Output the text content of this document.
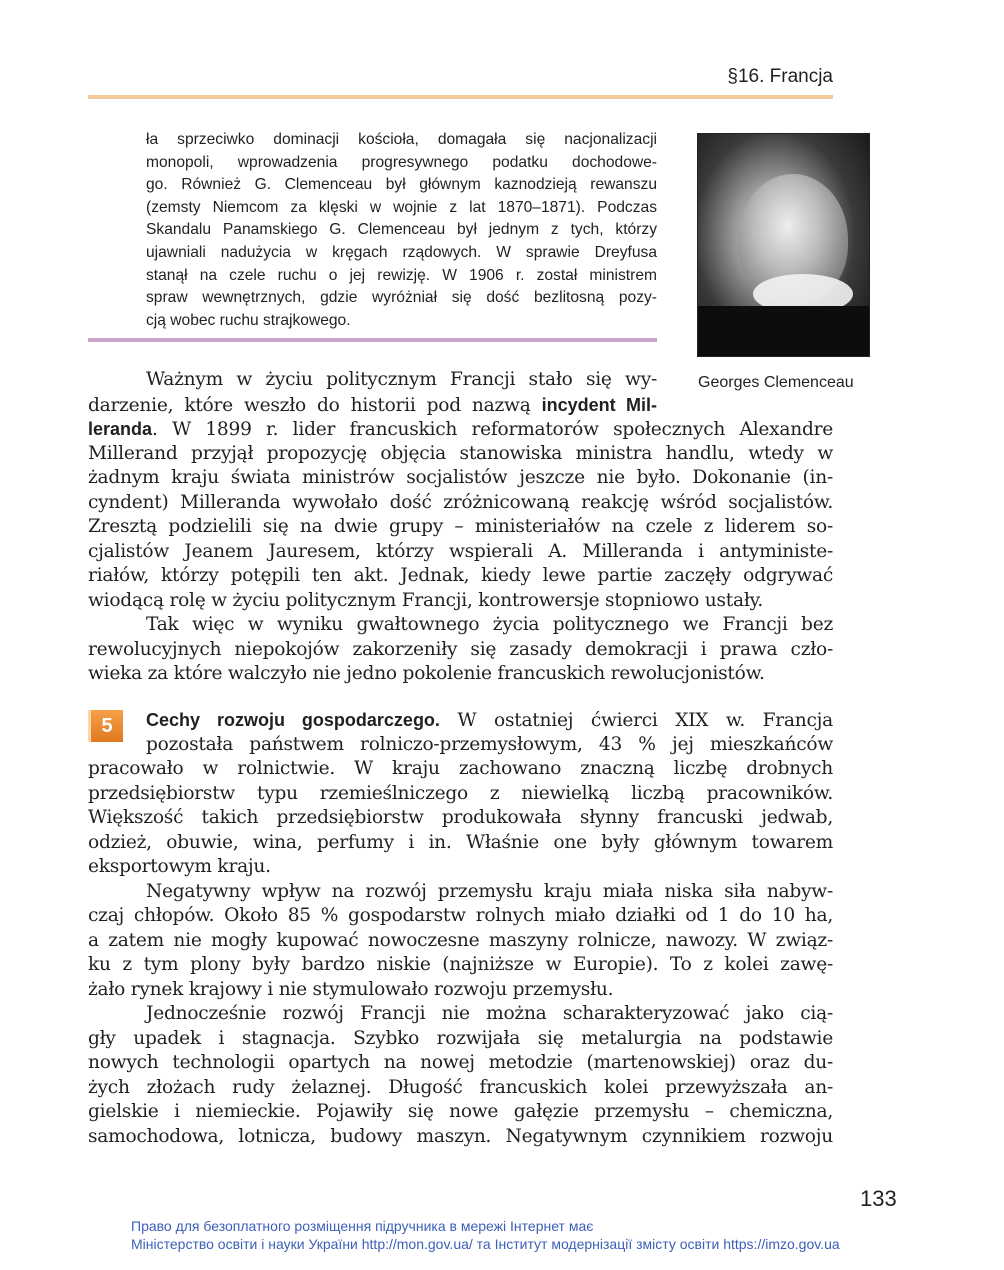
§16. Francja
ła sprzeciwko dominacji kościoła, domagała się nacjonalizacji
monopoli, wprowadzenia progresywnego podatku dochodowe-
go. Również G. Clemenceau był głównym kaznodzieją rewanszu
(zemsty Niemcom za klęski w wojnie z lat 1870–1871). Podczas
Skandalu Panamskiego G. Clemenceau był jednym z tych, którzy
ujawniali nadużycia w kręgach rządowych. W sprawie Dreyfusa
stanął na czele ruchu o jej rewizję. W 1906 r. został ministrem
spraw wewnętrznych, gdzie wyróżniał się dość bezlitosną pozy-
cją wobec ruchu strajkowego.
Georges Clemenceau
5
Ważnym w życiu politycznym Francji stało się wy-
darzenie, które weszło do historii pod nazwą incydent Mil-
leranda. W 1899 r. lider francuskich reformatorów społecznych Alexandre
Millerand przyjął propozycję objęcia stanowiska ministra handlu, wtedy w
żadnym kraju świata ministrów socjalistów jeszcze nie było. Dokonanie (in-
cyndent) Milleranda wywołało dość zróżnicowaną reakcję wśród socjalistów.
Zresztą podzielili się na dwie grupy – ministeriałów na czele z liderem so-
cjalistów Jeanem Jauresem, którzy wspierali A. Milleranda i antyministe-
riałów, którzy potępili ten akt. Jednak, kiedy lewe partie zaczęły odgrywać
wiodącą rolę w życiu politycznym Francji, kontrowersje stopniowo ustały.
Tak więc w wyniku gwałtownego życia politycznego we Francji bez
rewolucyjnych niepokojów zakorzeniły się zasady demokracji i prawa czło-
wieka za które walczyło nie jedno pokolenie francuskich rewolucjonistów.
Cechy rozwoju gospodarczego. W ostatniej ćwierci XIX w. Francja
pozostała państwem rolniczo-przemysłowym, 43 % jej mieszkańców
pracowało w rolnictwie. W kraju zachowano znaczną liczbę drobnych
przedsiębiorstw typu rzemieślniczego z niewielką liczbą pracowników.
Większość takich przedsiębiorstw produkowała słynny francuski jedwab,
odzież, obuwie, wina, perfumy i in. Właśnie one były głównym towarem
eksportowym kraju.
Negatywny wpływ na rozwój przemysłu kraju miała niska siła nabyw-
czaj chłopów. Około 85 % gospodarstw rolnych miało działki od 1 do 10 ha,
a zatem nie mogły kupować nowoczesne maszyny rolnicze, nawozy. W związ-
ku z tym plony były bardzo niskie (najniższe w Europie). To z kolei zawę-
żało rynek krajowy i nie stymulowało rozwoju przemysłu.
Jednocześnie rozwój Francji nie można scharakteryzować jako cią-
gły upadek i stagnacja. Szybko rozwijała się metalurgia na podstawie
nowych technologii opartych na nowej metodzie (martenowskiej) oraz du-
żych złożach rudy żelaznej. Długość francuskich kolei przewyższała an-
gielskie i niemieckie. Pojawiły się nowe gałęzie przemysłu – chemiczna,
samochodowa, lotnicza, budowy maszyn. Negatywnym czynnikiem rozwoju
133
Право для безоплатного розміщення підручника в мережі Інтернет має
Міністерство освіти і науки України http://mon.gov.ua/ та Інститут модернізації змісту освіти https://imzo.gov.ua
